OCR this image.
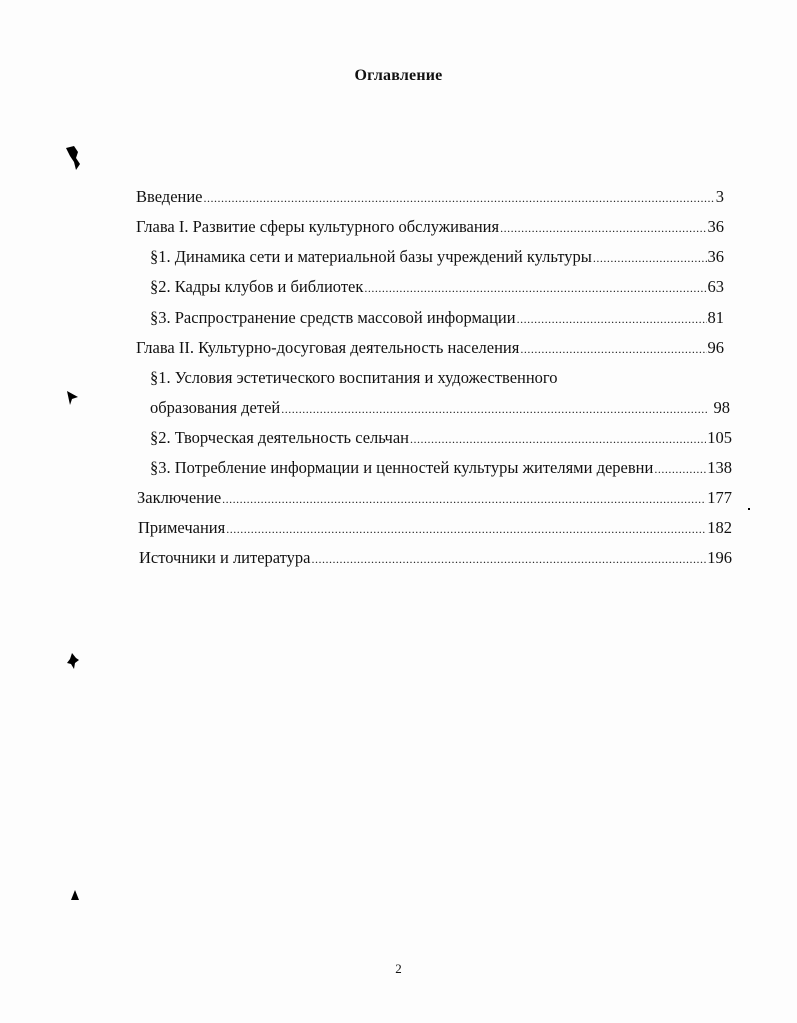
Оглавление
Введение .....	3
Глава I. Развитие сферы культурного обслуживания .....	36
§1. Динамика сети и материальной базы учреждений культуры .....	36
§2. Кадры клубов и библиотек .....	63
§3. Распространение средств массовой информации .....	81
Глава II. Культурно-досуговая деятельность населения .....	96
§1. Условия эстетического воспитания и художественного
образования детей .....	98
§2. Творческая деятельность сельчан .....	105
§3. Потребление информации и ценностей культуры жителями деревни .....	138
Заключение .....	177
Примечания .....	182
Источники и литература .....	196
2
